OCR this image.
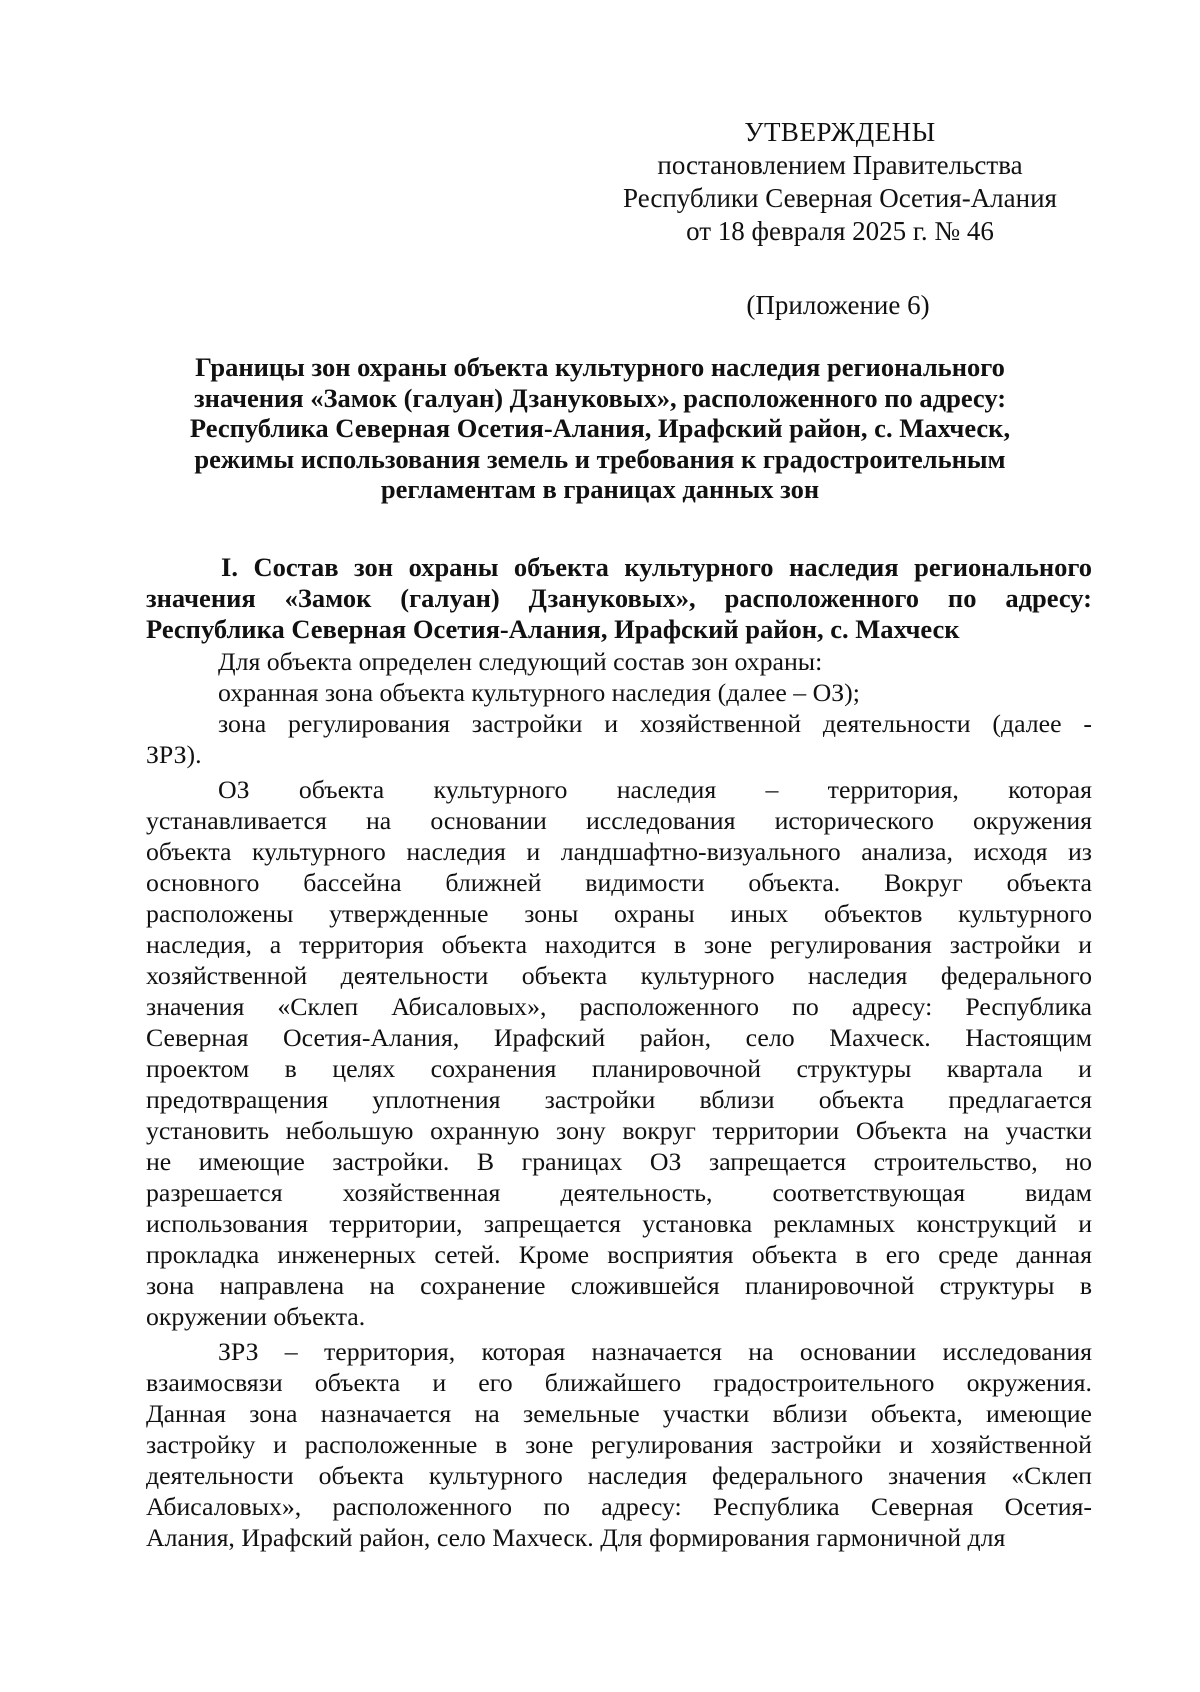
УТВЕРЖДЕНЫ
постановлением Правительства
Республики Северная Осетия-Алания
от 18 февраля 2025 г. № 46
(Приложение 6)
Границы зон охраны объекта культурного наследия регионального
значения «Замок (галуан) Дзануковых», расположенного по адресу:
Республика Северная Осетия-Алания, Ирафский район, с. Махческ,
режимы использования земель и требования к градостроительным
регламентам в границах данных зон
I. Состав зон охраны объекта культурного наследия регионального
значения «Замок (галуан) Дзануковых», расположенного по адресу:
Республика Северная Осетия-Алания, Ирафский район, с. Махческ
Для объекта определен следующий состав зон охраны:
охранная зона объекта культурного наследия (далее – ОЗ);
зона регулирования застройки и хозяйственной деятельности (далее -
ЗРЗ).
ОЗ объекта культурного наследия – территория, которая
устанавливается на основании исследования исторического окружения
объекта культурного наследия и ландшафтно-визуального анализа, исходя из
основного бассейна ближней видимости объекта. Вокруг объекта
расположены утвержденные зоны охраны иных объектов культурного
наследия, а территория объекта находится в зоне регулирования застройки и
хозяйственной деятельности объекта культурного наследия федерального
значения «Склеп Абисаловых», расположенного по адресу: Республика
Северная Осетия-Алания, Ирафский район, село Махческ. Настоящим
проектом в целях сохранения планировочной структуры квартала и
предотвращения уплотнения застройки вблизи объекта предлагается
установить небольшую охранную зону вокруг территории Объекта на участки
не имеющие застройки. В границах ОЗ запрещается строительство, но
разрешается хозяйственная деятельность, соответствующая видам
использования территории, запрещается установка рекламных конструкций и
прокладка инженерных сетей. Кроме восприятия объекта в его среде данная
зона направлена на сохранение сложившейся планировочной структуры в
окружении объекта.
ЗРЗ – территория, которая назначается на основании исследования
взаимосвязи объекта и его ближайшего градостроительного окружения.
Данная зона назначается на земельные участки вблизи объекта, имеющие
застройку и расположенные в зоне регулирования застройки и хозяйственной
деятельности объекта культурного наследия федерального значения «Склеп
Абисаловых», расположенного по адресу: Республика Северная Осетия-
Алания, Ирафский район, село Махческ. Для формирования гармоничной для
